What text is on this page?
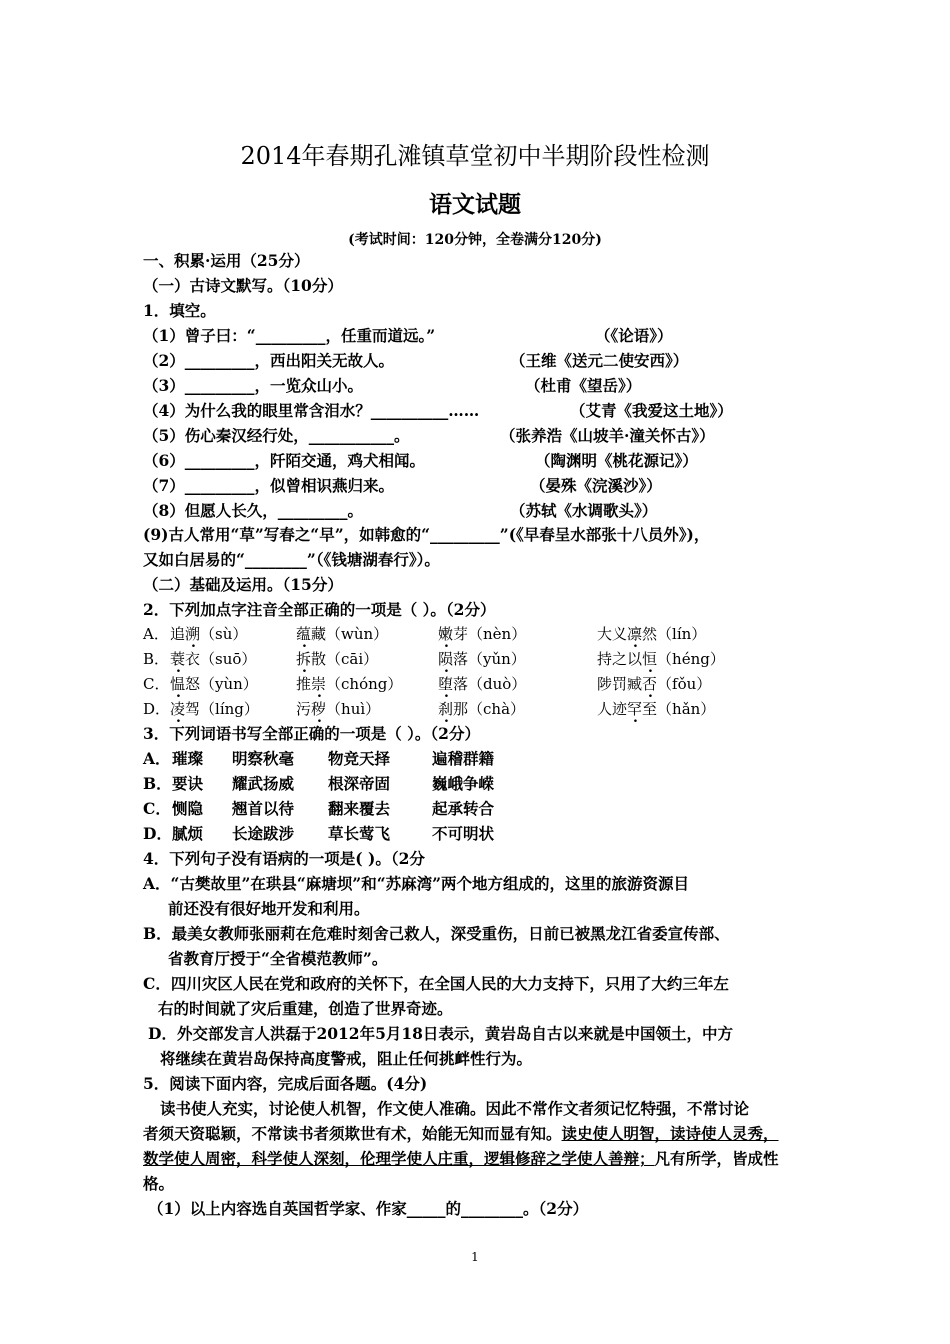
2014年春期孔滩镇草堂初中半期阶段性检测
语文试题
(考试时间：120分钟，全卷满分120分)
一、积累·运用（25分）
（一）古诗文默写。（10分）
1．填空。
（1）曾子曰：“_________，任重而道远。”	（《论语》）
（2）_________，西出阳关无故人。	（王维《送元二使安西》）
（3）_________，一览众山小。	（杜甫《望岳》）
（4）为什么我的眼里常含泪水？__________……	（艾青《我爱这土地》）
（5）伤心秦汉经行处，___________。	（张养浩《山坡羊·潼关怀古》）
（6）_________，阡陌交通，鸡犬相闻。	（陶渊明《桃花源记》）
（7）_________，似曾相识燕归来。	（晏殊《浣溪沙》）
（8）但愿人长久，_________。	（苏轼《水调歌头》）
(9)古人常用“草”写春之“早”，如韩愈的“_________”(《早春呈水部张十八员外》)，
又如白居易的“________”（《钱塘湖春行》）。
（二）基础及运用。（15分）
2．下列加点字注音全部正确的一项是（ ）。（2分）
A． 追溯（sù）	蕴藏（wùn）	嫩芽（nèn）	大义凛然（lín）
B． 蓑衣（suō）	拆散（cāi）	陨落（yǔn）	持之以恒（héng）
C． 愠怒（yùn）	推崇（chóng） 堕落（duò）	陟罚臧否（fǒu）
D． 凌驾（líng） 污秽（huì）	刹那（chà）	人迹罕至（hǎn）
3．下列词语书写全部正确的一项是（ ）。（2分）
A． 璀璨 明察秋毫 物竞天择	遍稽群籍
B． 要诀 耀武扬威 根深帝固	巍峨争嵘
C． 恻隐 翘首以待 翻来覆去	起承转合
D． 腻烦 长途跋涉 草长莺飞	不可明状
4．下列句子没有语病的一项是( )。（2分
A．“古樊故里”在珙县“麻塘坝”和“苏麻湾”两个地方组成的，这里的旅游资源目
前还没有很好地开发和利用。
B．最美女教师张丽莉在危难时刻舍己救人，深受重伤，日前已被黑龙江省委宣传部、
省教育厅授于“全省模范教师”。
C．四川灾区人民在党和政府的关怀下，在全国人民的大力支持下，只用了大约三年左
右的时间就了灾后重建，创造了世界奇迹。
D．外交部发言人洪磊于2012年5月18日表示，黄岩岛自古以来就是中国领土，中方
将继续在黄岩岛保持高度警戒，阻止任何挑衅性行为。
5．阅读下面内容，完成后面各题。(4分)
读书使人充实，讨论使人机智，作文使人准确。因此不常作文者须记忆特强，不常讨论
者须天资聪颖，不常读书者须欺世有术，始能无知而显有知。读史使人明智，读诗使人灵秀，
数学使人周密，科学使人深刻，伦理学使人庄重，逻辑修辞之学使人善辩；凡有所学，皆成性
格。
（1）以上内容选自英国哲学家、作家_____的________。（2分）
1
